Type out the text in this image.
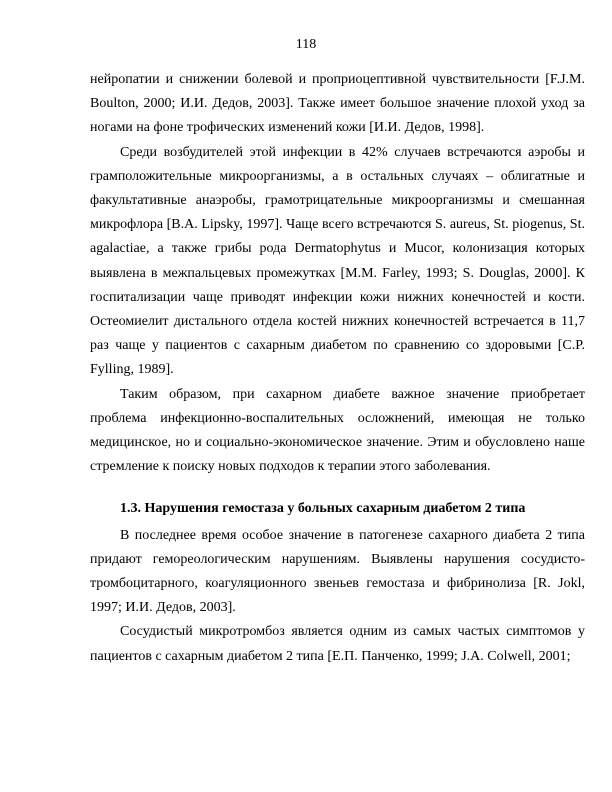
118

нейропатии и снижении болевой и проприоцептивной чувствительности [F.J.M. Boulton, 2000; И.И. Дедов, 2003]. Также имеет большое значение плохой уход за ногами на фоне трофических изменений кожи [И.И. Дедов, 1998].

Среди возбудителей этой инфекции в 42% случаев встречаются аэробы и грамположительные микроорганизмы, а в остальных случаях – облигатные и факультативные анаэробы, грамотрицательные микроорганизмы и смешанная микрофлора [B.A. Lipsky, 1997]. Чаще всего встречаются S. aureus, St. piogenus, St. agalactiae, а также грибы рода Dermatophytus и Mucor, колонизация которых выявлена в межпальцевых промежутках [M.M. Farley, 1993; S. Douglas, 2000]. К госпитализации чаще приводят инфекции кожи нижних конечностей и кости. Остеомиелит дистального отдела костей нижних конечностей встречается в 11,7 раз чаще у пациентов с сахарным диабетом по сравнению со здоровыми [C.P. Fylling, 1989].

Таким образом, при сахарном диабете важное значение приобретает проблема инфекционно-воспалительных осложнений, имеющая не только медицинское, но и социально-экономическое значение. Этим и обусловлено наше стремление к поиску новых подходов к терапии этого заболевания.

1.3. Нарушения гемостаза у больных сахарным диабетом 2 типа

В последнее время особое значение в патогенезе сахарного диабета 2 типа придают гемореологическим нарушениям. Выявлены нарушения сосудисто-тромбоцитарного, коагуляционного звеньев гемостаза и фибринолиза [R. Jokl, 1997; И.И. Дедов, 2003].

Сосудистый микротромбоз является одним из самых частых симптомов у пациентов с сахарным диабетом 2 типа [Е.П. Панченко, 1999; J.A. Colwell, 2001;
